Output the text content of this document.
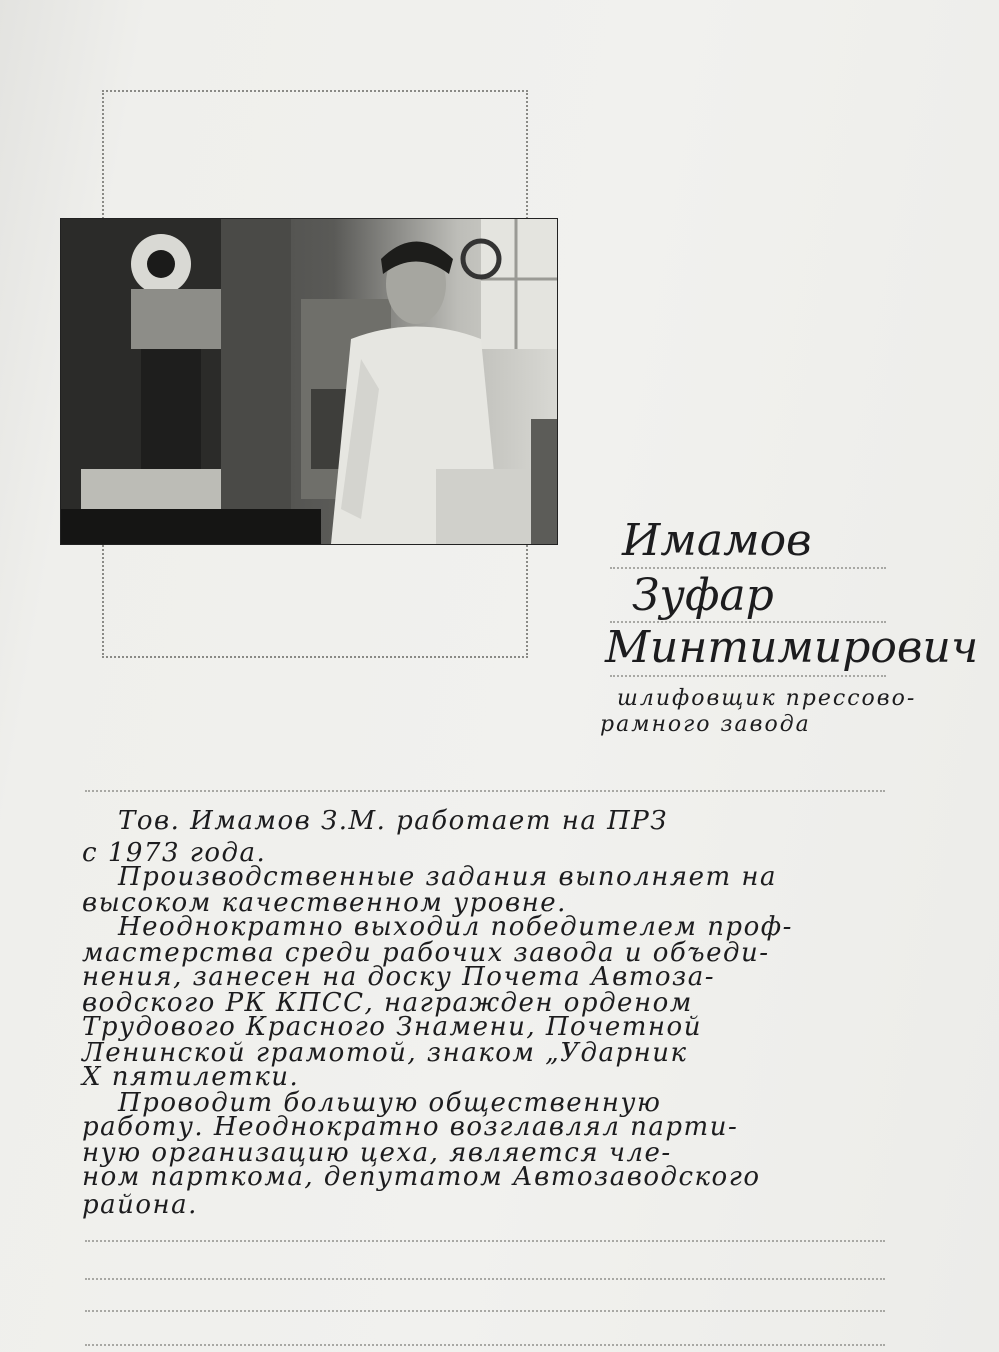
Имамов
Зуфар
Минтимирович
шлифовщик прессово-
рамного завода
Тов. Имамов З.М. работает на ПРЗ
с 1973 года.
Производственные задания выполняет на
высоком качественном уровне.
Неоднократно выходил победителем проф-
мастерства среди рабочих завода и объеди-
нения, занесен на доску Почета Автоза-
водского РК КПСС, награжден орденом
Трудового Красного Знамени, Почетной
Ленинской грамотой, знаком „Ударник
Х пятилетки.
Проводит большую общественную
работу. Неоднократно возглавлял парти-
ную организацию цеха, является чле-
ном парткома, депутатом Автозаводского
района.
